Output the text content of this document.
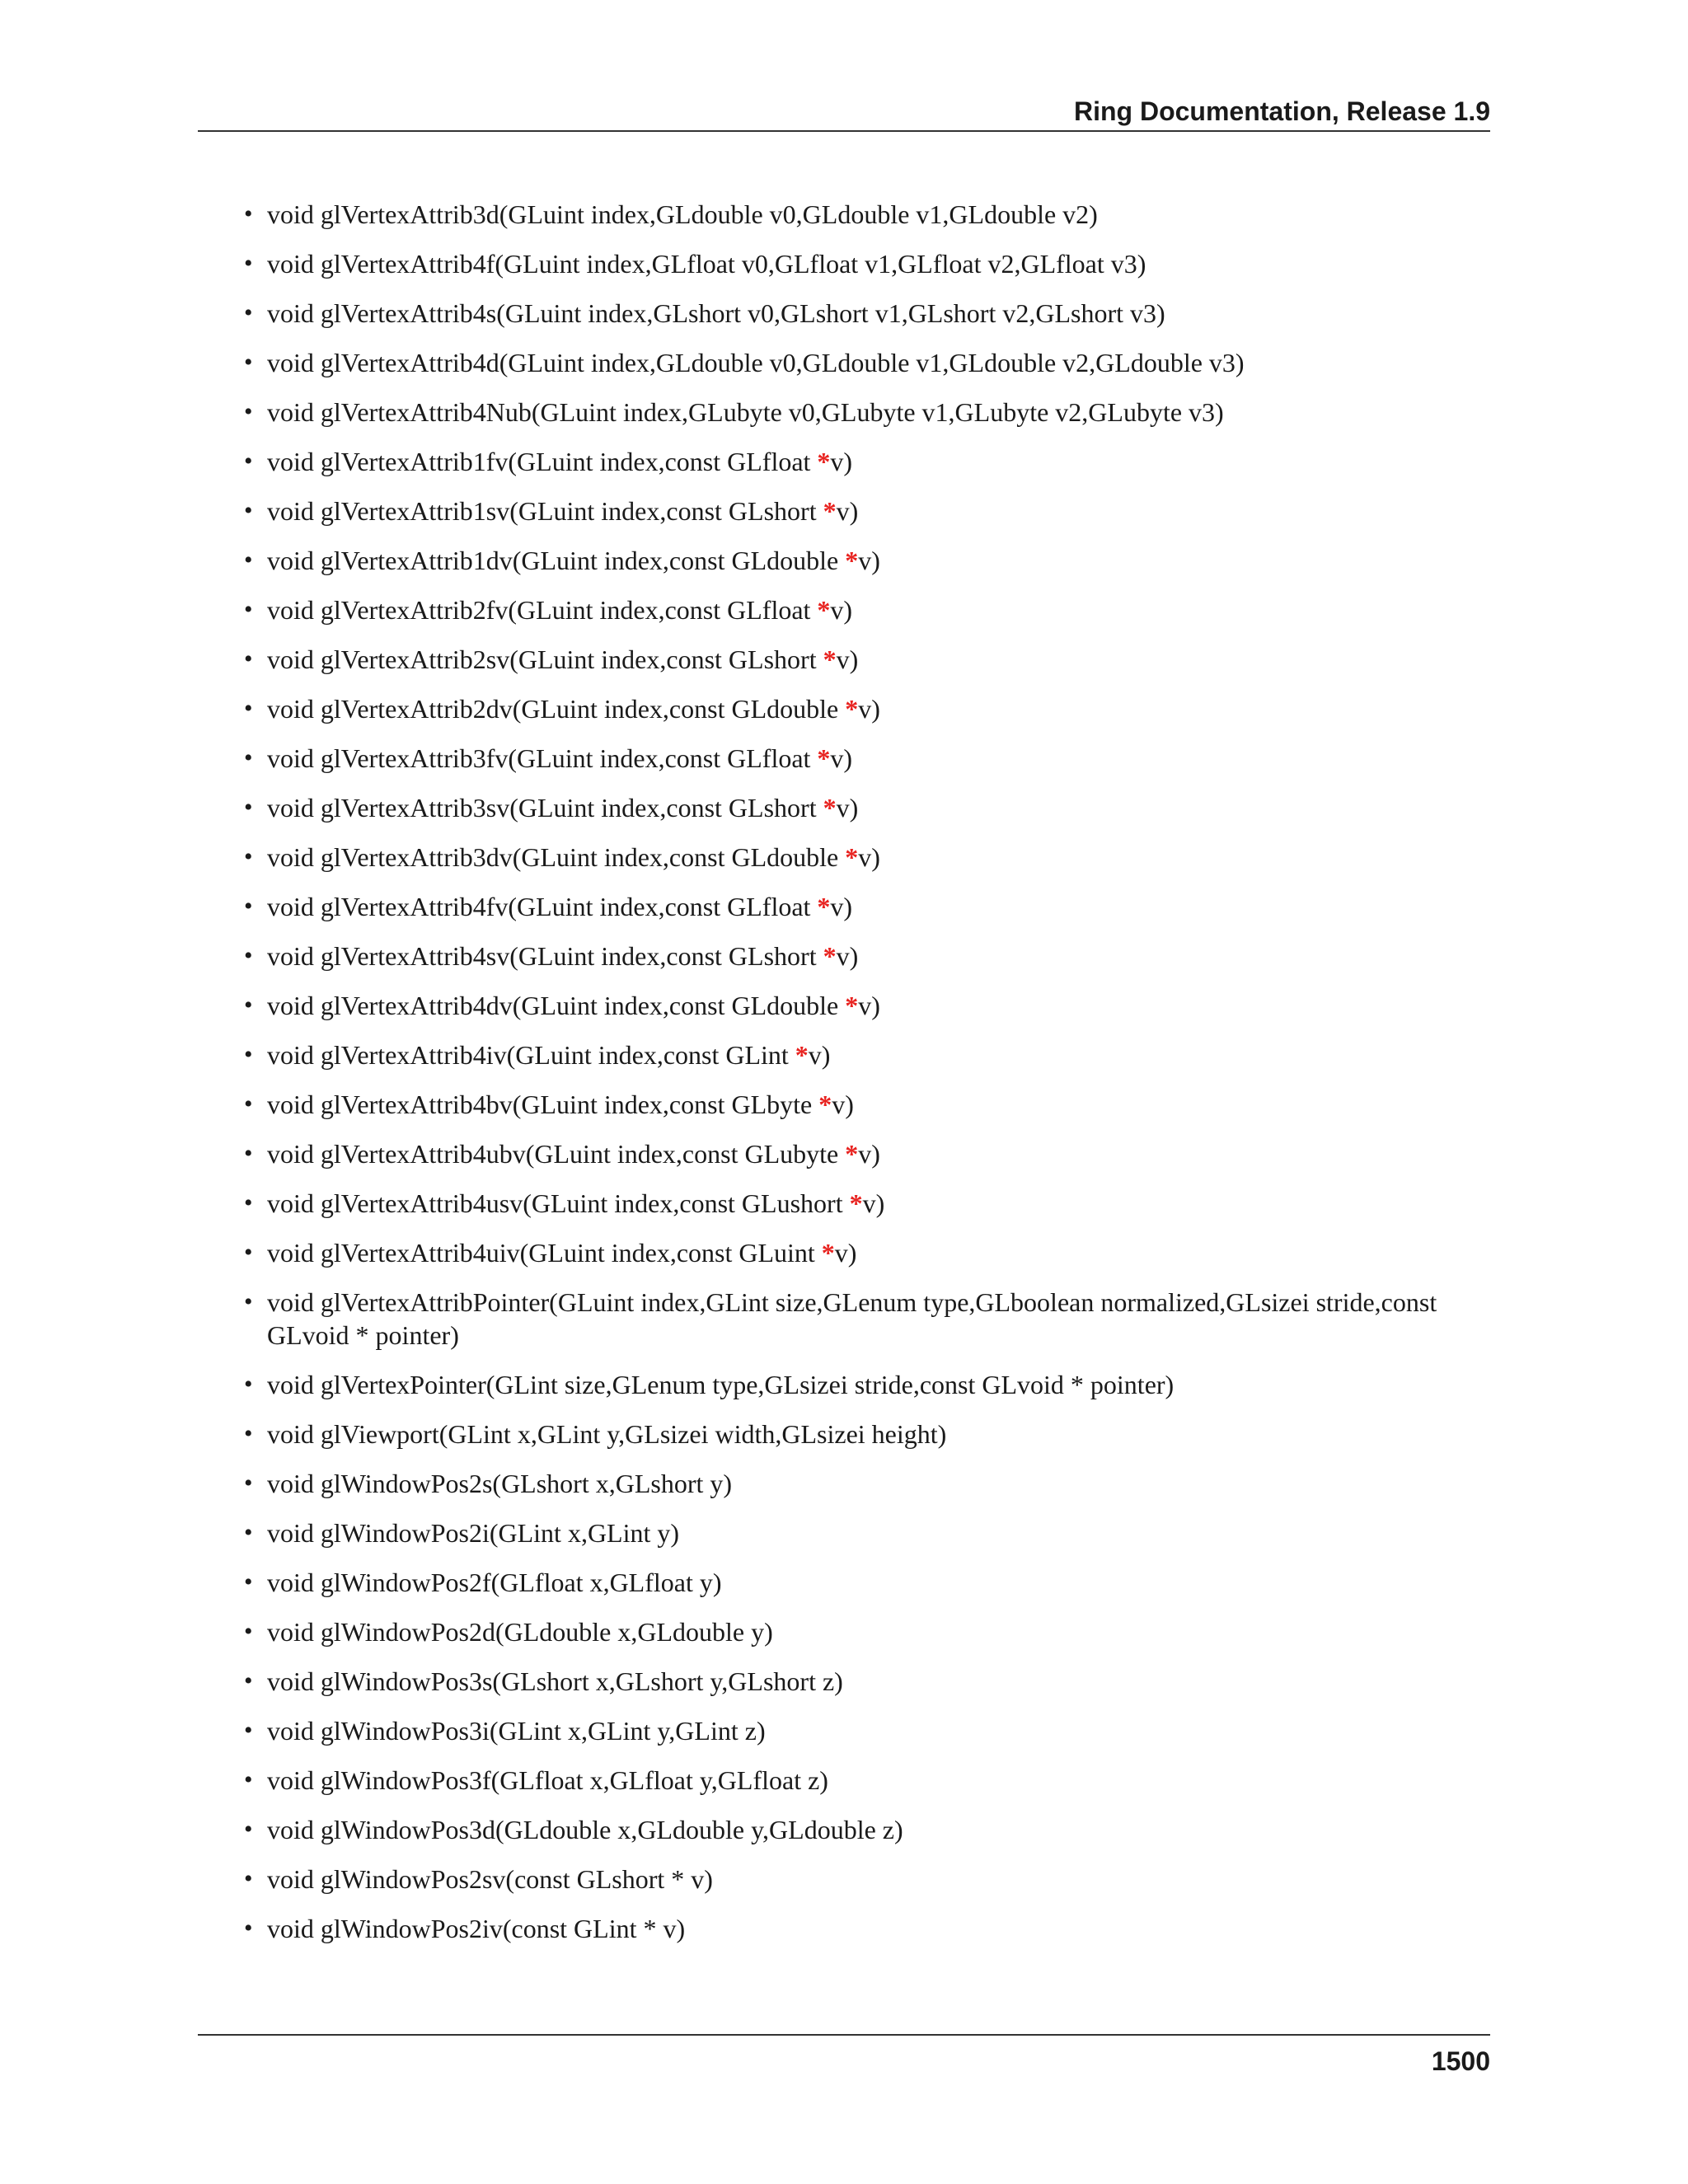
Ring Documentation, Release 1.9
• void glVertexAttrib3d(GLuint index,GLdouble v0,GLdouble v1,GLdouble v2)
• void glVertexAttrib4f(GLuint index,GLfloat v0,GLfloat v1,GLfloat v2,GLfloat v3)
• void glVertexAttrib4s(GLuint index,GLshort v0,GLshort v1,GLshort v2,GLshort v3)
• void glVertexAttrib4d(GLuint index,GLdouble v0,GLdouble v1,GLdouble v2,GLdouble v3)
• void glVertexAttrib4Nub(GLuint index,GLubyte v0,GLubyte v1,GLubyte v2,GLubyte v3)
• void glVertexAttrib1fv(GLuint index,const GLfloat *v)
• void glVertexAttrib1sv(GLuint index,const GLshort *v)
• void glVertexAttrib1dv(GLuint index,const GLdouble *v)
• void glVertexAttrib2fv(GLuint index,const GLfloat *v)
• void glVertexAttrib2sv(GLuint index,const GLshort *v)
• void glVertexAttrib2dv(GLuint index,const GLdouble *v)
• void glVertexAttrib3fv(GLuint index,const GLfloat *v)
• void glVertexAttrib3sv(GLuint index,const GLshort *v)
• void glVertexAttrib3dv(GLuint index,const GLdouble *v)
• void glVertexAttrib4fv(GLuint index,const GLfloat *v)
• void glVertexAttrib4sv(GLuint index,const GLshort *v)
• void glVertexAttrib4dv(GLuint index,const GLdouble *v)
• void glVertexAttrib4iv(GLuint index,const GLint *v)
• void glVertexAttrib4bv(GLuint index,const GLbyte *v)
• void glVertexAttrib4ubv(GLuint index,const GLubyte *v)
• void glVertexAttrib4usv(GLuint index,const GLushort *v)
• void glVertexAttrib4uiv(GLuint index,const GLuint *v)
• void glVertexAttribPointer(GLuint index,GLint size,GLenum type,GLboolean normalized,GLsizei stride,const GLvoid * pointer)
• void glVertexPointer(GLint size,GLenum type,GLsizei stride,const GLvoid * pointer)
• void glViewport(GLint x,GLint y,GLsizei width,GLsizei height)
• void glWindowPos2s(GLshort x,GLshort y)
• void glWindowPos2i(GLint x,GLint y)
• void glWindowPos2f(GLfloat x,GLfloat y)
• void glWindowPos2d(GLdouble x,GLdouble y)
• void glWindowPos3s(GLshort x,GLshort y,GLshort z)
• void glWindowPos3i(GLint x,GLint y,GLint z)
• void glWindowPos3f(GLfloat x,GLfloat y,GLfloat z)
• void glWindowPos3d(GLdouble x,GLdouble y,GLdouble z)
• void glWindowPos2sv(const GLshort * v)
• void glWindowPos2iv(const GLint * v)
1500
